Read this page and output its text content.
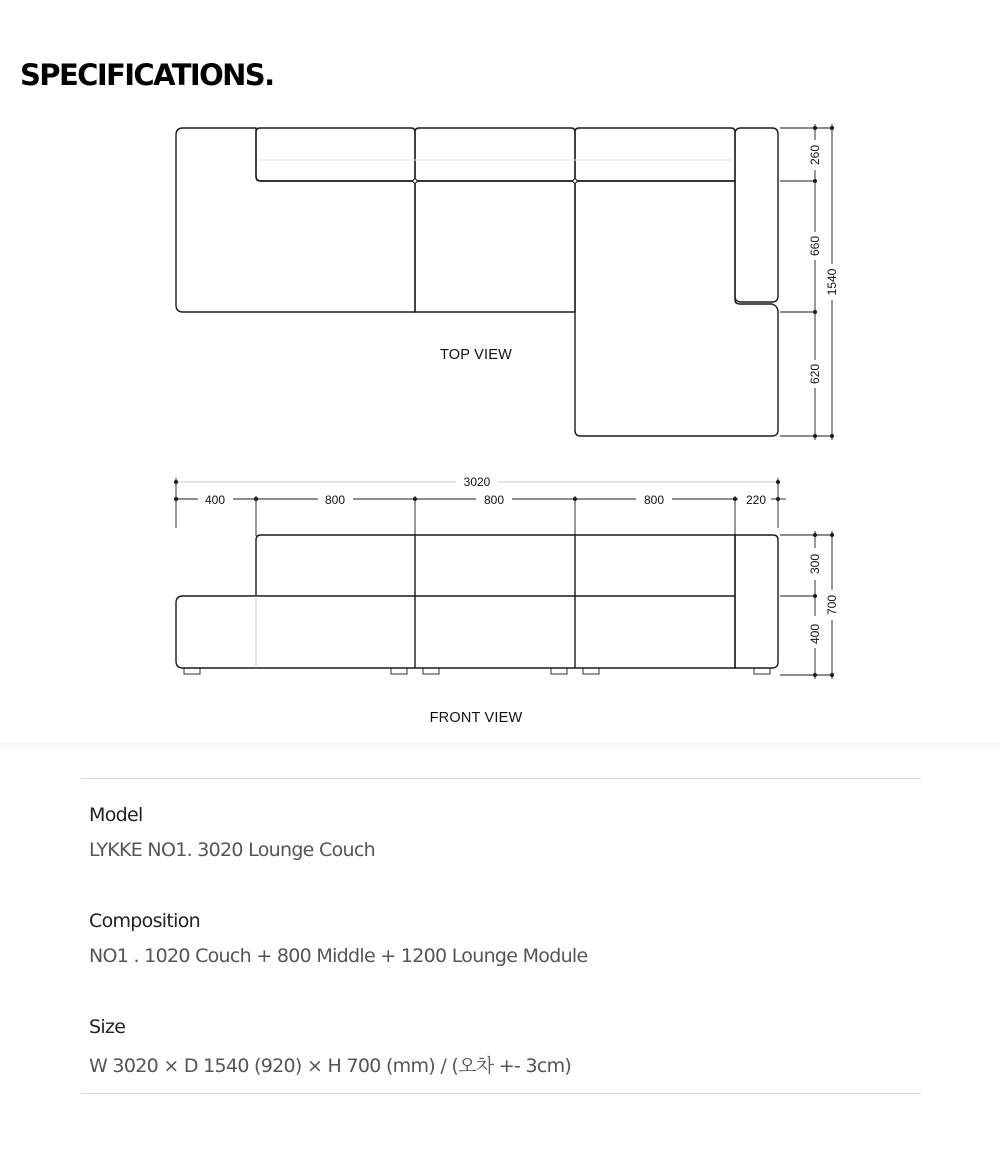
SPECIFICATIONS.
260
660
620
1540
TOP VIEW
3020
400	800	800	800	220
300
400
700
FRONT VIEW
Model
LYKKE NO1. 3020 Lounge Couch
Composition
NO1 . 1020 Couch + 800 Middle + 1200 Lounge Module
Size
W 3020 × D 1540 (920) × H 700 (mm) / (오차 +- 3cm)
